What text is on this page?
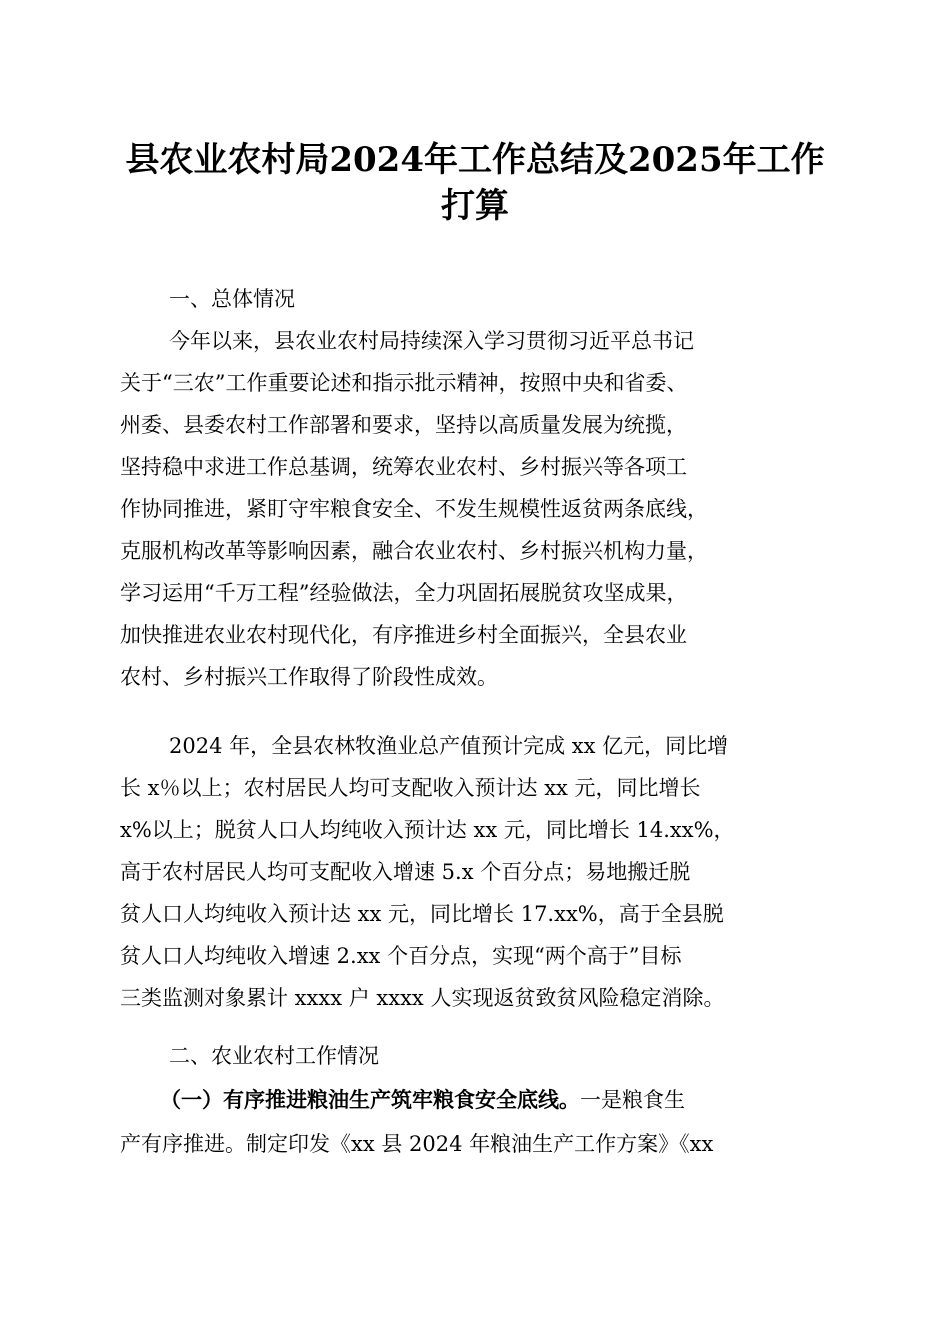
县农业农村局2024年工作总结及2025年工作
打算
一、总体情况
今年以来，县农业农村局持续深入学习贯彻习近平总书记
关于“三农”工作重要论述和指示批示精神，按照中央和省委、
州委、县委农村工作部署和要求，坚持以高质量发展为统揽，
坚持稳中求进工作总基调，统筹农业农村、乡村振兴等各项工
作协同推进，紧盯守牢粮食安全、不发生规模性返贫两条底线，
克服机构改革等影响因素，融合农业农村、乡村振兴机构力量，
学习运用“千万工程”经验做法，全力巩固拓展脱贫攻坚成果，
加快推进农业农村现代化，有序推进乡村全面振兴，全县农业
农村、乡村振兴工作取得了阶段性成效。
2024 年，全县农林牧渔业总产值预计完成 xx 亿元，同比增
长 x％以上；农村居民人均可支配收入预计达 xx 元，同比增长
x%以上；脱贫人口人均纯收入预计达 xx 元，同比增长 14.xx%，
高于农村居民人均可支配收入增速 5.x 个百分点；易地搬迁脱
贫人口人均纯收入预计达 xx 元，同比增长 17.xx%，高于全县脱
贫人口人均纯收入增速 2.xx 个百分点，实现“两个高于”目标
三类监测对象累计 xxxx 户 xxxx 人实现返贫致贫风险稳定消除。
二、农业农村工作情况
（一）有序推进粮油生产筑牢粮食安全底线。一是粮食生
产有序推进。制定印发《xx 县 2024 年粮油生产工作方案》《xx
